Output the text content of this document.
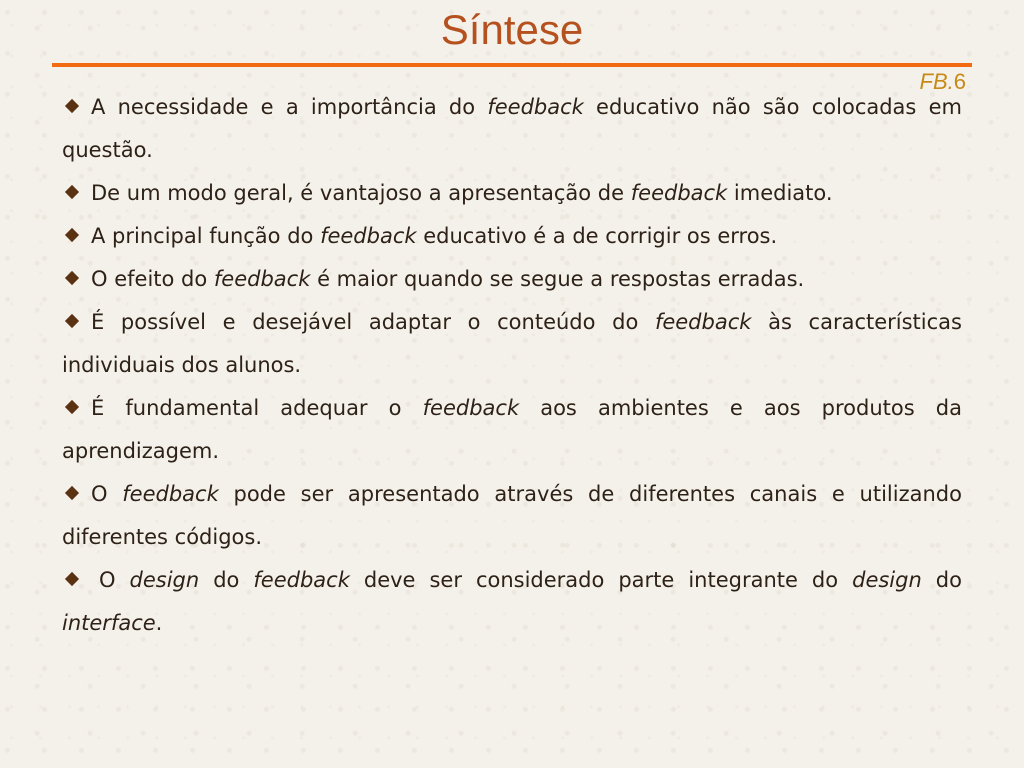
Síntese
FB.6

A necessidade e a importância do feedback educativo não são colocadas em questão.

De um modo geral, é vantajoso a apresentação de feedback imediato.

A principal função do feedback educativo é a de corrigir os erros.

O efeito do feedback é maior quando se segue a respostas erradas.

É possível e desejável adaptar o conteúdo do feedback às características individuais dos alunos.

É fundamental adequar o feedback aos ambientes e aos produtos da aprendizagem.

O feedback pode ser apresentado através de diferentes canais e utilizando diferentes códigos.

O design do feedback deve ser considerado parte integrante do design do interface.
